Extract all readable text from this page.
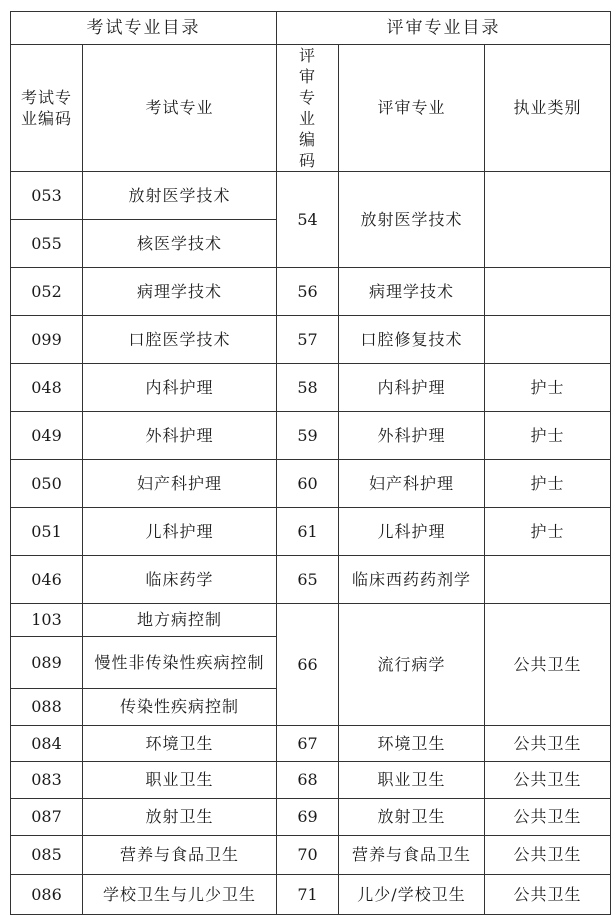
考试专业目录		评审专业目录		
考试专业编码	考试专业	评审专业编码	评审专业	执业类别
053	放射医学技术	54	放射医学技术	
055	核医学技术			
052	病理学技术	56	病理学技术	
099	口腔医学技术	57	口腔修复技术	
048	内科护理	58	内科护理	护士
049	外科护理	59	外科护理	护士
050	妇产科护理	60	妇产科护理	护士
051	儿科护理	61	儿科护理	护士
046	临床药学	65	临床西药药剂学	
103	地方病控制	66	流行病学	公共卫生
089	慢性非传染性疾病控制			
088	传染性疾病控制			
084	环境卫生	67	环境卫生	公共卫生
083	职业卫生	68	职业卫生	公共卫生
087	放射卫生	69	放射卫生	公共卫生
085	营养与食品卫生	70	营养与食品卫生	公共卫生
086	学校卫生与儿少卫生	71	儿少/学校卫生	公共卫生
